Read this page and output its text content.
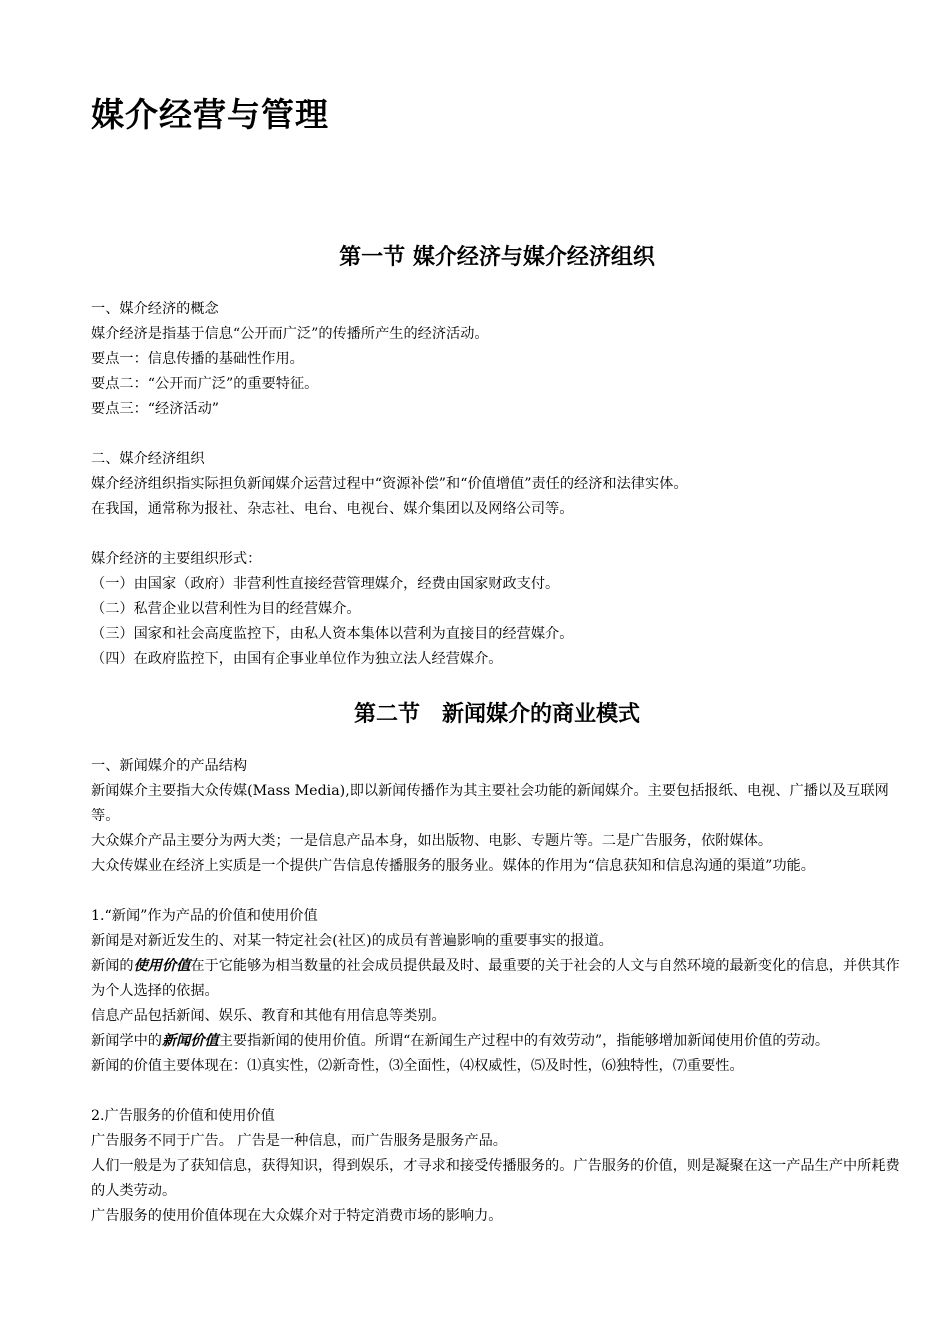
媒介经营与管理
第一节 媒介经济与媒介经济组织

一、媒介经济的概念

媒介经济是指基于信息“公开而广泛”的传播所产生的经济活动。

要点一：信息传播的基础性作用。

要点二：“公开而广泛”的重要特征。

要点三：“经济活动”

二、媒介经济组织

媒介经济组织指实际担负新闻媒介运营过程中“资源补偿”和“价值增值”责任的经济和法律实体。

在我国，通常称为报社、杂志社、电台、电视台、媒介集团以及网络公司等。

媒介经济的主要组织形式：

（一）由国家（政府）非营利性直接经营管理媒介，经费由国家财政支付。

（二）私营企业以营利性为目的经营媒介。

（三）国家和社会高度监控下，由私人资本集体以营利为直接目的经营媒介。

（四）在政府监控下，由国有企事业单位作为独立法人经营媒介。

第二节　新闻媒介的商业模式

一、新闻媒介的产品结构

新闻媒介主要指大众传媒(Mass Media),即以新闻传播作为其主要社会功能的新闻媒介。主要包括报纸、电视、广播以及互联网等。

大众媒介产品主要分为两大类；一是信息产品本身，如出版物、电影、专题片等。二是广告服务，依附媒体。

大众传媒业在经济上实质是一个提供广告信息传播服务的服务业。媒体的作用为“信息获知和信息沟通的渠道”功能。

1.“新闻”作为产品的价值和使用价值

新闻是对新近发生的、对某一特定社会(社区)的成员有普遍影响的重要事实的报道。

新闻的使用价值在于它能够为相当数量的社会成员提供最及时、最重要的关于社会的人文与自然环境的最新变化的信息，并供其作为个人选择的依据。

信息产品包括新闻、娱乐、教育和其他有用信息等类别。

新闻学中的新闻价值主要指新闻的使用价值。所谓“在新闻生产过程中的有效劳动”，指能够增加新闻使用价值的劳动。

新闻的价值主要体现在：⑴真实性，⑵新奇性，⑶全面性，⑷权威性，⑸及时性，⑹独特性，⑺重要性。

2.广告服务的价值和使用价值

广告服务不同于广告。 广告是一种信息，而广告服务是服务产品。

人们一般是为了获知信息，获得知识，得到娱乐，才寻求和接受传播服务的。广告服务的价值，则是凝聚在这一产品生产中所耗费的人类劳动。

广告服务的使用价值体现在大众媒介对于特定消费市场的影响力。
